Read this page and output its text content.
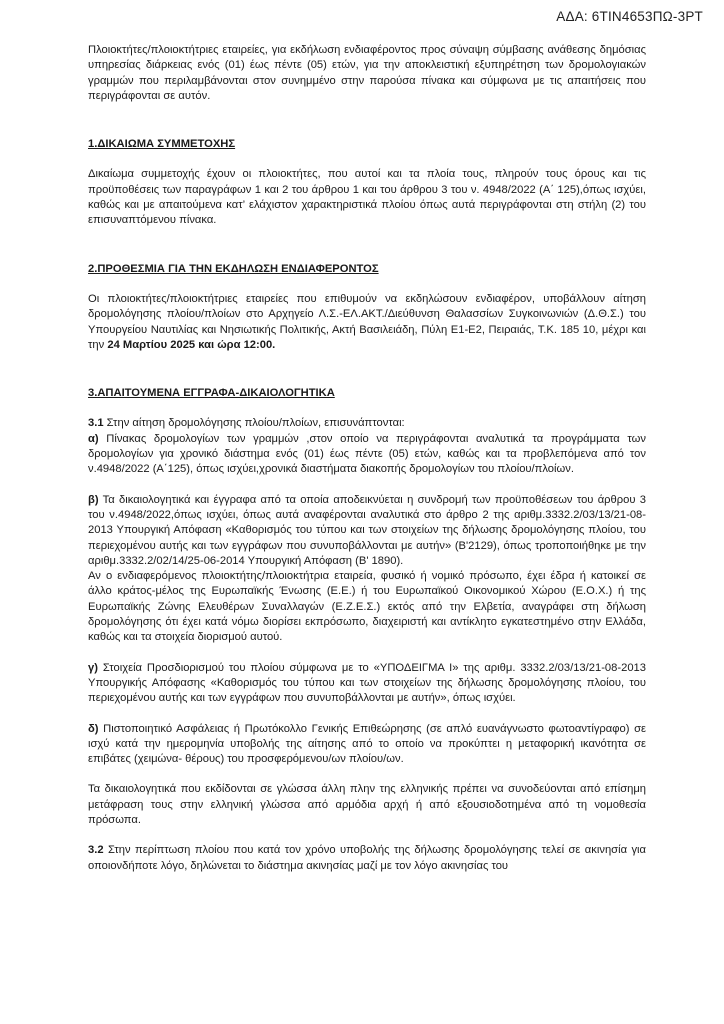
ΑΔΑ: 6ΤΙΝ4653ΠΩ-3ΡΤ

Πλοιοκτήτες/πλοιοκτήτριες εταιρείες, για εκδήλωση ενδιαφέροντος προς σύναψη σύμβασης ανάθεσης δημόσιας υπηρεσίας διάρκειας ενός (01) έως πέντε (05) ετών, για την αποκλειστική εξυπηρέτηση των δρομολογιακών γραμμών που περιλαμβάνονται στον συνημμένο στην παρούσα πίνακα και σύμφωνα με τις απαιτήσεις που περιγράφονται σε αυτόν.

1.ΔΙΚΑΙΩΜΑ ΣΥΜΜΕΤΟΧΗΣ

Δικαίωμα συμμετοχής έχουν οι πλοιοκτήτες, που αυτοί και τα πλοία τους, πληρούν τους όρους και τις προϋποθέσεις των παραγράφων 1 και 2 του άρθρου 1 και του άρθρου 3 του ν. 4948/2022 (Α΄ 125),όπως ισχύει, καθώς και με απαιτούμενα κατ’ ελάχιστον χαρακτηριστικά πλοίου όπως αυτά περιγράφονται στη στήλη (2) του επισυναπτόμενου πίνακα.

2.ΠΡΟΘΕΣΜΙΑ ΓΙΑ ΤΗΝ ΕΚΔΗΛΩΣΗ ΕΝΔΙΑΦΕΡΟΝΤΟΣ

Οι πλοιοκτήτες/πλοιοκτήτριες εταιρείες που επιθυμούν να εκδηλώσουν ενδιαφέρον, υποβάλλουν αίτηση δρομολόγησης πλοίου/πλοίων στο Αρχηγείο Λ.Σ.-ΕΛ.ΑΚΤ./Διεύθυνση Θαλασσίων Συγκοινωνιών (Δ.Θ.Σ.) του Υπουργείου Ναυτιλίας και Νησιωτικής Πολιτικής, Ακτή Βασιλειάδη, Πύλη Ε1-Ε2, Πειραιάς, Τ.Κ. 185 10, μέχρι και την 24 Μαρτίου 2025 και ώρα 12:00.

3.ΑΠΑΙΤΟΥΜΕΝΑ ΕΓΓΡΑΦΑ-ΔΙΚΑΙΟΛΟΓΗΤΙΚΑ

3.1 Στην αίτηση δρομολόγησης πλοίου/πλοίων, επισυνάπτονται:

α) Πίνακας δρομολογίων των γραμμών ,στον οποίο να περιγράφονται αναλυτικά τα προγράμματα των δρομολογίων για χρονικό διάστημα ενός (01) έως πέντε (05) ετών, καθώς και τα προβλεπόμενα από τον ν.4948/2022 (Α΄125), όπως ισχύει,χρονικά διαστήματα διακοπής δρομολογίων του πλοίου/πλοίων.

β) Τα δικαιολογητικά και έγγραφα από τα οποία αποδεικνύεται η συνδρομή των προϋποθέσεων του άρθρου 3 του ν.4948/2022,όπως ισχύει, όπως αυτά αναφέρονται αναλυτικά στο άρθρο 2 της αριθμ.3332.2/03/13/21-08-2013 Υπουργική Απόφαση «Καθορισμός του τύπου και των στοιχείων της δήλωσης δρομολόγησης πλοίου, του περιεχομένου αυτής και των εγγράφων που συνυποβάλλονται με αυτήν» (Β'2129), όπως τροποποιήθηκε με την αριθμ.3332.2/02/14/25-06-2014 Υπουργική Απόφαση (Β' 1890).

Αν ο ενδιαφερόμενος πλοιοκτήτης/πλοιοκτήτρια εταιρεία, φυσικό ή νομικό πρόσωπο, έχει έδρα ή κατοικεί σε άλλο κράτος-μέλος της Ευρωπαϊκής Ένωσης (Ε.Ε.) ή του Ευρωπαϊκού Οικονομικού Χώρου (Ε.Ο.Χ.) ή της Ευρωπαϊκής Ζώνης Ελευθέρων Συναλλαγών (Ε.Ζ.Ε.Σ.) εκτός από την Ελβετία, αναγράφει στη δήλωση δρομολόγησης ότι έχει κατά νόμω διορίσει εκπρόσωπο, διαχειριστή και αντίκλητο εγκατεστημένο στην Ελλάδα, καθώς και τα στοιχεία διορισμού αυτού.

γ) Στοιχεία Προσδιορισμού του πλοίου σύμφωνα με το «ΥΠΟΔΕΙΓΜΑ Ι» της αριθμ. 3332.2/03/13/21-08-2013 Υπουργικής Απόφασης «Καθορισμός του τύπου και των στοιχείων της δήλωσης δρομολόγησης πλοίου, του περιεχομένου αυτής και των εγγράφων που συνυποβάλλονται με αυτήν», όπως ισχύει.

δ) Πιστοποιητικό Ασφάλειας ή Πρωτόκολλο Γενικής Επιθεώρησης (σε απλό ευανάγνωστο φωτοαντίγραφο) σε ισχύ κατά την ημερομηνία υποβολής της αίτησης από το οποίο να προκύπτει η μεταφορική ικανότητα σε επιβάτες (χειμώνα- θέρους) του προσφερόμενου/ων πλοίου/ων.

Τα δικαιολογητικά που εκδίδονται σε γλώσσα άλλη πλην της ελληνικής πρέπει να συνοδεύονται από επίσημη μετάφραση τους στην ελληνική γλώσσα από αρμόδια αρχή ή από εξουσιοδοτημένα από τη νομοθεσία πρόσωπα.

3.2 Στην περίπτωση πλοίου που κατά τον χρόνο υποβολής της δήλωσης δρομολόγησης τελεί σε ακινησία για οποιονδήποτε λόγο, δηλώνεται το διάστημα ακινησίας μαζί με τον λόγο ακινησίας του
